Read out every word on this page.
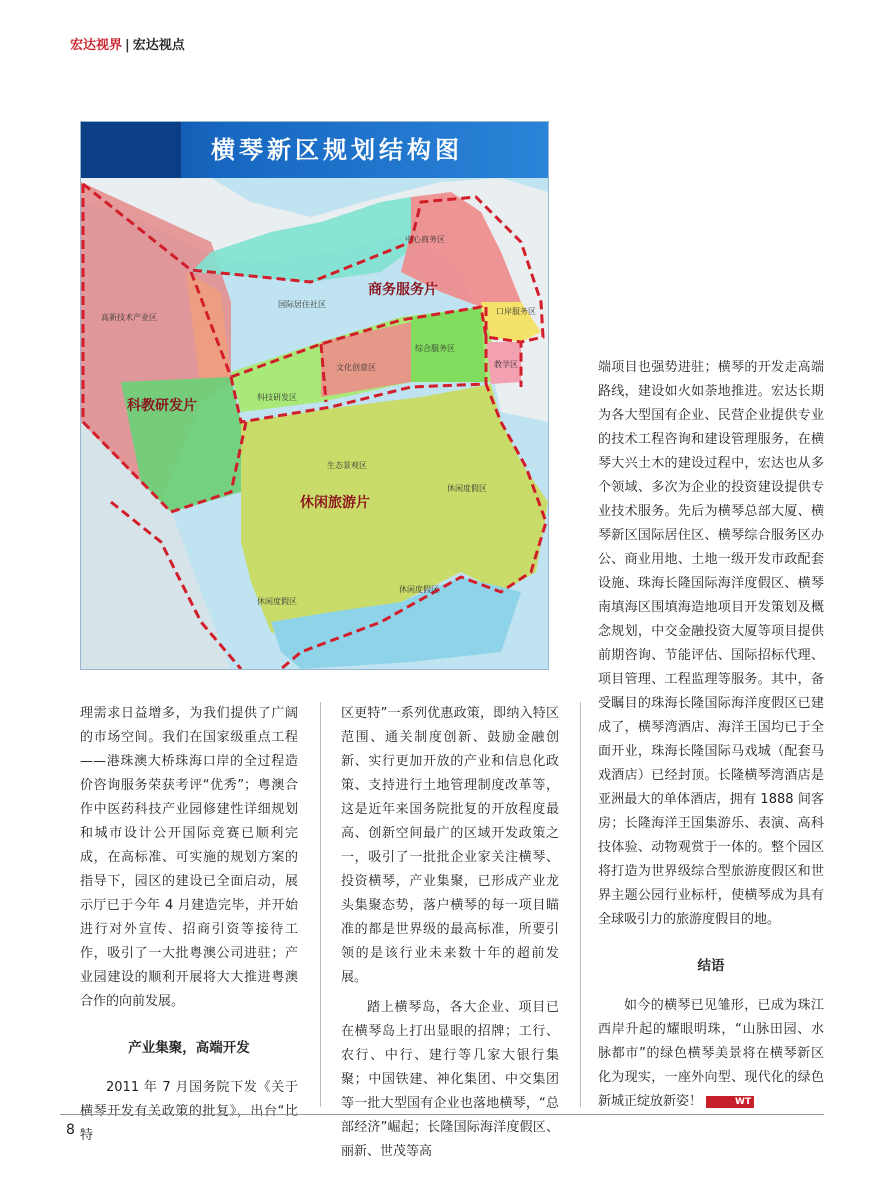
宏达视界 | 宏达视点
横琴新区规划结构图
商务服务片
科教研发片
休闲旅游片
中心商务区
口岸服务区
国际居住社区
高新技术产业区
文化创意区
综合服务区
教学区
科技研发区
生态景观区
休闲度假区
休闲度假区
休闲度假区

理需求日益增多，为我们提供了广阔的市场空间。我们在国家级重点工程——港珠澳大桥珠海口岸的全过程造价咨询服务荣获考评“优秀”；粤澳合作中医药科技产业园修建性详细规划和城市设计公开国际竞赛已顺利完成，在高标准、可实施的规划方案的指导下，园区的建设已全面启动，展示厅已于今年 4 月建造完毕，并开始进行对外宣传、招商引资等接待工作，吸引了一大批粤澳公司进驻；产业园建设的顺利开展将大大推进粤澳合作的向前发展。

产业集聚，高端开发

2011 年 7 月国务院下发《关于横琴开发有关政策的批复》，出台“比特

区更特”一系列优惠政策，即纳入特区范围、通关制度创新、鼓励金融创新、实行更加开放的产业和信息化政策、支持进行土地管理制度改革等，这是近年来国务院批复的开放程度最高、创新空间最广的区域开发政策之一，吸引了一批批企业家关注横琴、投资横琴，产业集聚，已形成产业龙头集聚态势，落户横琴的每一项目瞄准的都是世界级的最高标准，所要引领的是该行业未来数十年的超前发展。

踏上横琴岛，各大企业、项目已在横琴岛上打出显眼的招牌；工行、农行、中行、建行等几家大银行集聚；中国铁建、神化集团、中交集团等一批大型国有企业也落地横琴，“总部经济”崛起；长隆国际海洋度假区、丽新、世茂等高

端项目也强势进驻；横琴的开发走高端路线，建设如火如荼地推进。宏达长期为各大型国有企业、民营企业提供专业的技术工程咨询和建设管理服务，在横琴大兴土木的建设过程中，宏达也从多个领域、多次为企业的投资建设提供专业技术服务。先后为横琴总部大厦、横琴新区国际居住区、横琴综合服务区办公、商业用地、土地一级开发市政配套设施、珠海长隆国际海洋度假区、横琴南填海区围填海造地项目开发策划及概念规划，中交金融投资大厦等项目提供前期咨询、节能评估、国际招标代理、项目管理、工程监理等服务。其中，备受瞩目的珠海长隆国际海洋度假区已建成了，横琴湾酒店、海洋王国均已于全面开业，珠海长隆国际马戏城（配套马戏酒店）已经封顶。长隆横琴湾酒店是亚洲最大的单体酒店，拥有 1888 间客房；长隆海洋王国集游乐、表演、高科技体验、动物观赏于一体的。整个园区将打造为世界级综合型旅游度假区和世界主题公园行业标杆，使横琴成为具有全球吸引力的旅游度假目的地。

结语

如今的横琴已见雏形，已成为珠江西岸升起的耀眼明珠，“山脉田园、水脉都市”的绿色横琴美景将在横琴新区化为现实，一座外向型、现代化的绿色新城正绽放新姿！	WT

8
